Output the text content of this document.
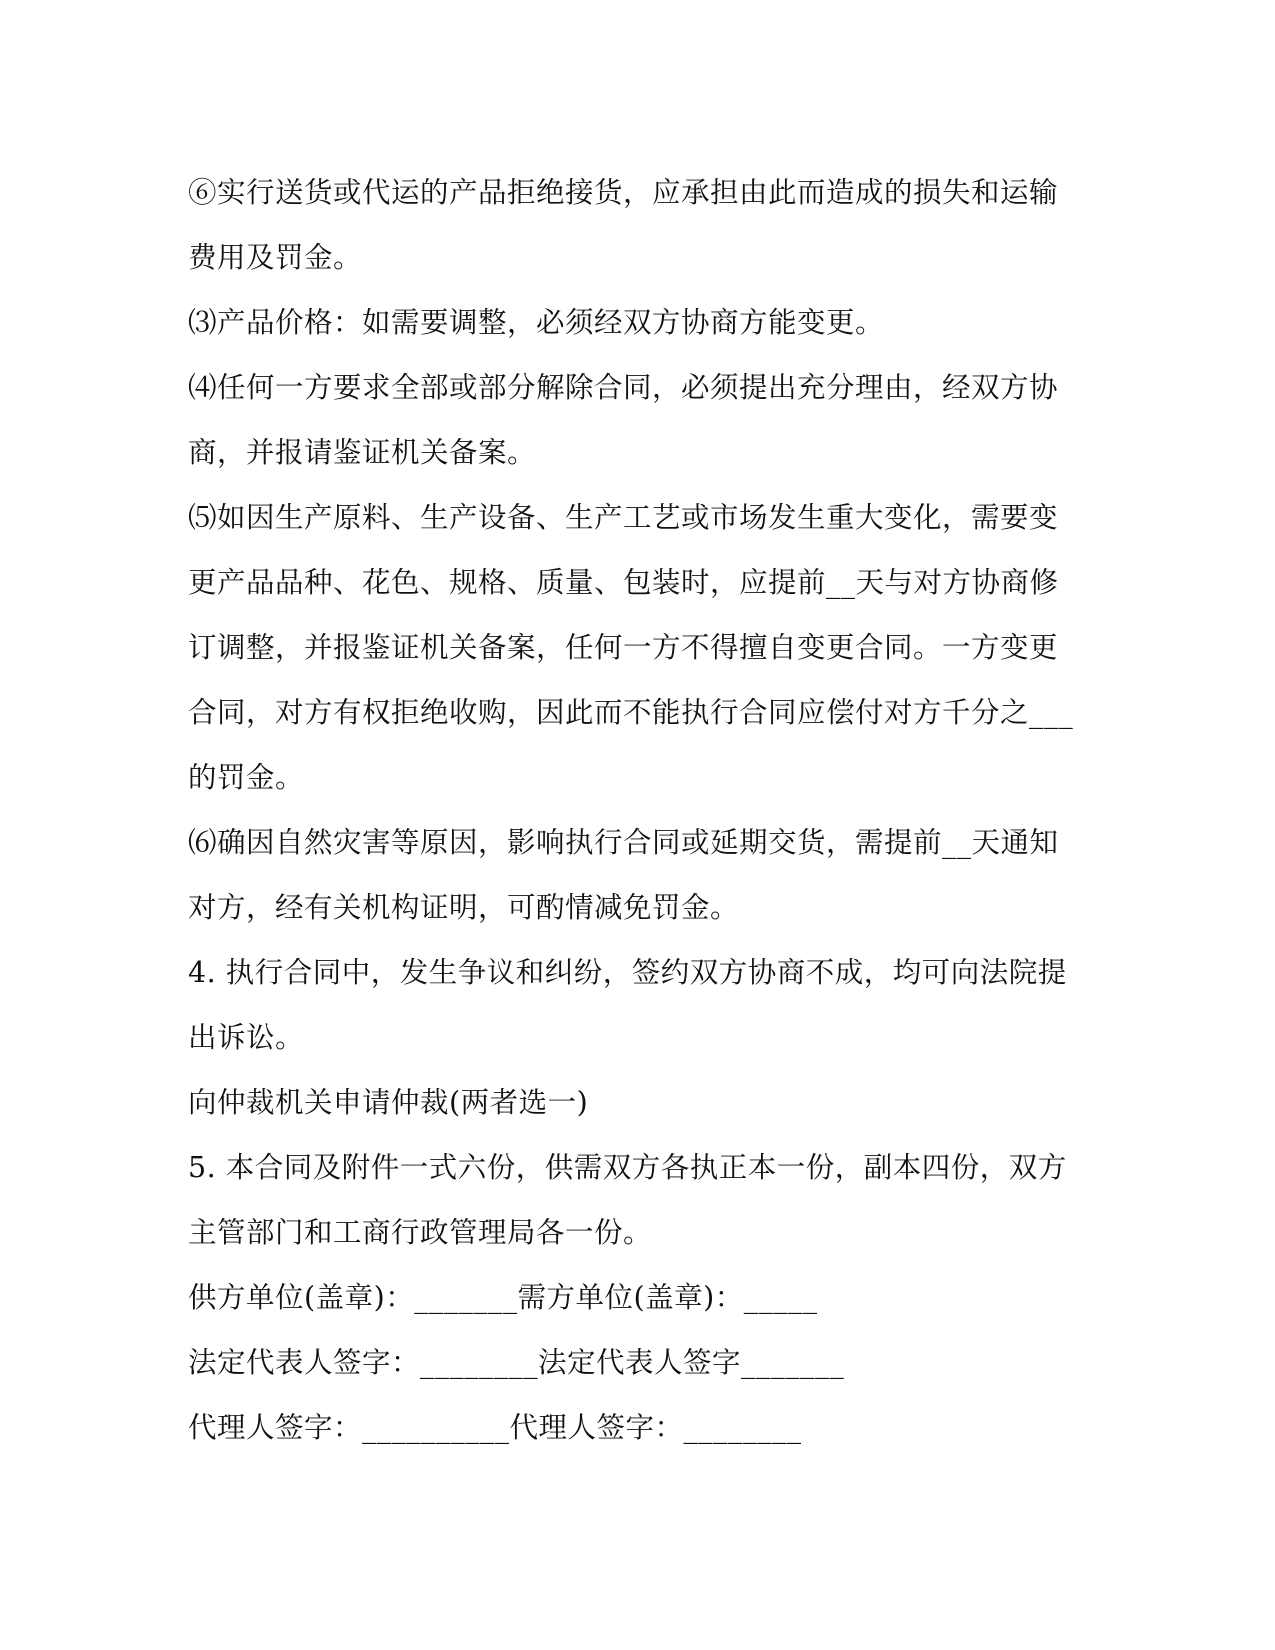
⑥实行送货或代运的产品拒绝接货，应承担由此而造成的损失和运输
费用及罚金。
⑶产品价格：如需要调整，必须经双方协商方能变更。
⑷任何一方要求全部或部分解除合同，必须提出充分理由，经双方协
商，并报请鉴证机关备案。
⑸如因生产原料、生产设备、生产工艺或市场发生重大变化，需要变
更产品品种、花色、规格、质量、包装时，应提前__天与对方协商修
订调整，并报鉴证机关备案，任何一方不得擅自变更合同。一方变更
合同，对方有权拒绝收购，因此而不能执行合同应偿付对方千分之___
的罚金。
⑹确因自然灾害等原因，影响执行合同或延期交货，需提前__天通知
对方，经有关机构证明，可酌情减免罚金。
4. 执行合同中，发生争议和纠纷，签约双方协商不成，均可向法院提
出诉讼。
向仲裁机关申请仲裁(两者选一)
5. 本合同及附件一式六份，供需双方各执正本一份，副本四份，双方
主管部门和工商行政管理局各一份。
供方单位(盖章)：_______需方单位(盖章)：_____
法定代表人签字：________法定代表人签字_______
代理人签字：__________代理人签字：________
